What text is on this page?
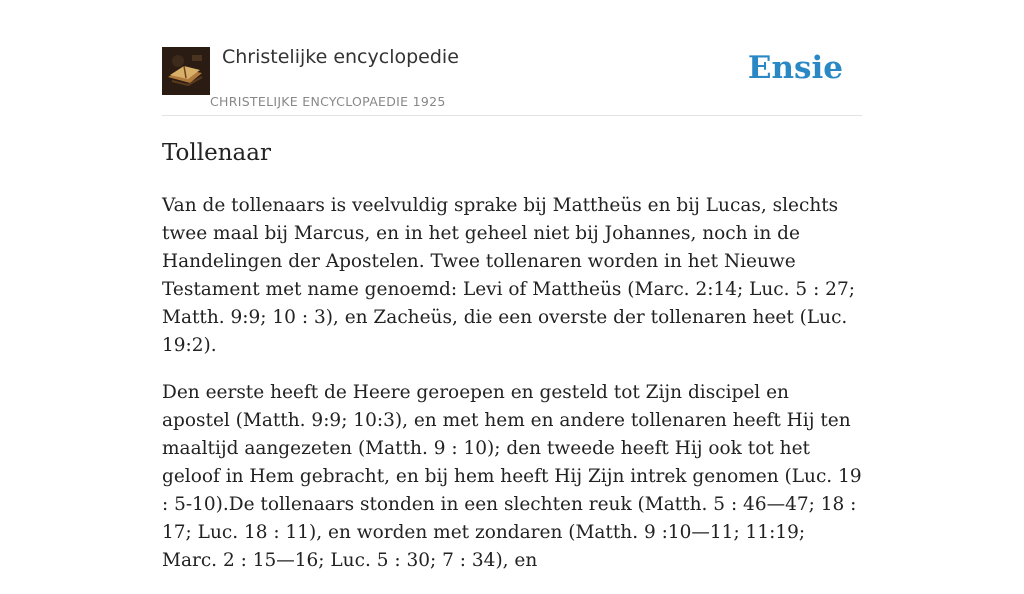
Christelijke encyclopedie
CHRISTELIJKE ENCYCLOPAEDIE 1925
Ensie
Tollenaar

Van de tollenaars is veelvuldig sprake bij Mattheüs en bij Lucas, slechts twee maal bij Marcus, en in het geheel niet bij Johannes, noch in de Handelingen der Apostelen. Twee tollenaren worden in het Nieuwe Testament met name genoemd: Levi of Mattheüs (Marc. 2:14; Luc. 5 : 27; Matth. 9:9; 10 : 3), en Zacheüs, die een overste der tollenaren heet (Luc. 19:2).

Den eerste heeft de Heere geroepen en gesteld tot Zijn discipel en apostel (Matth. 9:9; 10:3), en met hem en andere tollenaren heeft Hij ten maaltijd aangezeten (Matth. 9 : 10); den tweede heeft Hij ook tot het geloof in Hem gebracht, en bij hem heeft Hij Zijn intrek genomen (Luc. 19 : 5-10).De tollenaars stonden in een slechten reuk (Matth. 5 : 46—47; 18 : 17; Luc. 18 : 11), en worden met zondaren (Matth. 9 :10—11; 11:19; Marc. 2 : 15—16; Luc. 5 : 30; 7 : 34), en
